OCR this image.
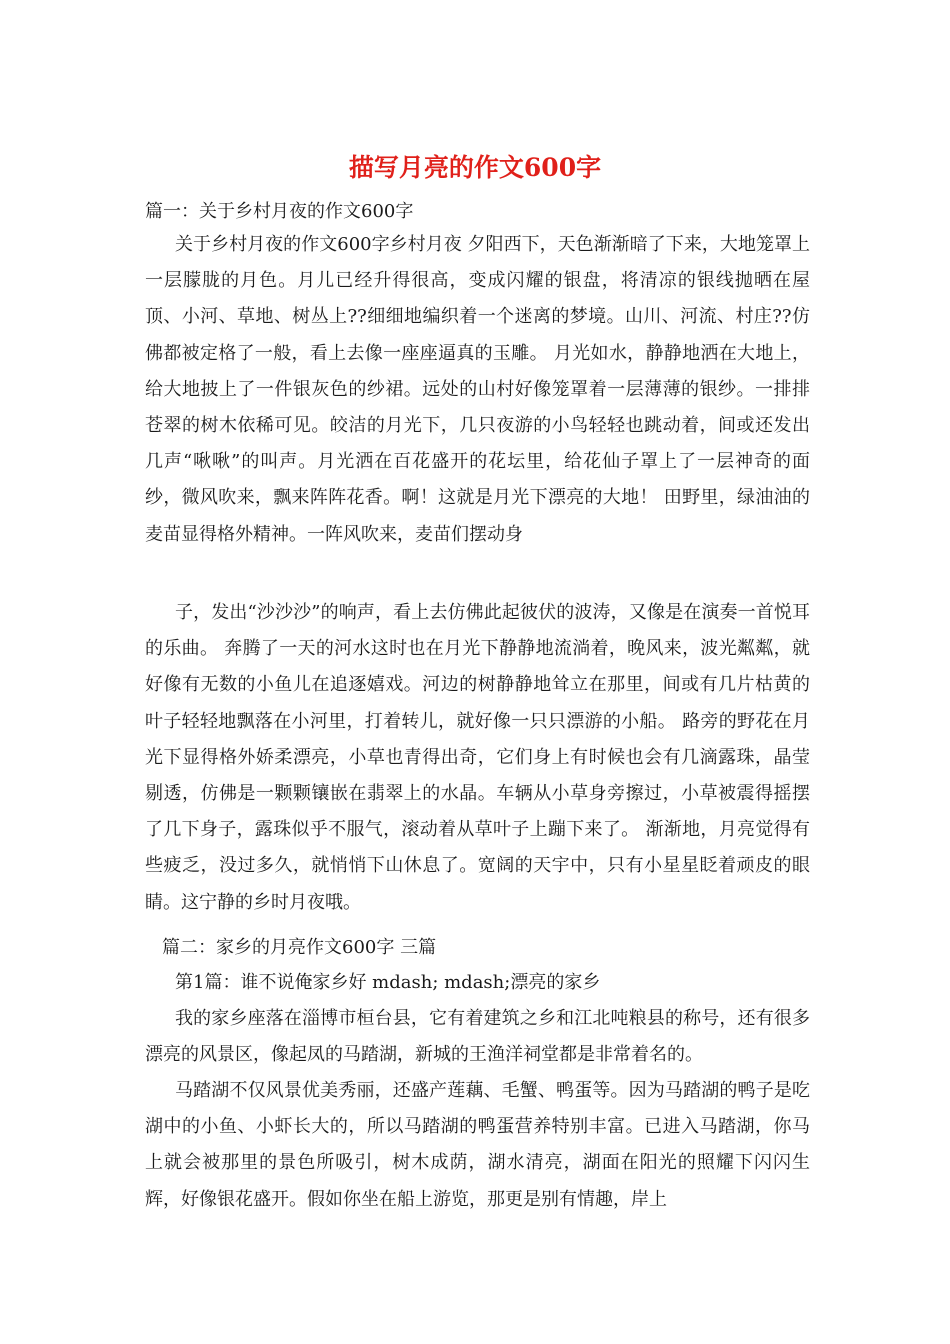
描写月亮的作文600字
篇一：关于乡村月夜的作文600字
关于乡村月夜的作文600字乡村月夜 夕阳西下，天色渐渐暗了下来，大地笼罩上一层朦胧的月色。月儿已经升得很高，变成闪耀的银盘，将清凉的银线抛晒在屋顶、小河、草地、树丛上??细细地编织着一个迷离的梦境。山川、河流、村庄??仿佛都被定格了一般，看上去像一座座逼真的玉雕。 月光如水，静静地洒在大地上，给大地披上了一件银灰色的纱裙。远处的山村好像笼罩着一层薄薄的银纱。一排排苍翠的树木依稀可见。皎洁的月光下，几只夜游的小鸟轻轻也跳动着，间或还发出几声“啾啾”的叫声。月光洒在百花盛开的花坛里，给花仙子罩上了一层神奇的面纱，微风吹来，飘来阵阵花香。啊！这就是月光下漂亮的大地！ 田野里，绿油油的麦苗显得格外精神。一阵风吹来，麦苗们摆动身
子，发出“沙沙沙”的响声，看上去仿佛此起彼伏的波涛，又像是在演奏一首悦耳的乐曲。 奔腾了一天的河水这时也在月光下静静地流淌着，晚风来，波光粼粼，就好像有无数的小鱼儿在追逐嬉戏。河边的树静静地耸立在那里，间或有几片枯黄的叶子轻轻地飘落在小河里，打着转儿，就好像一只只漂游的小船。 路旁的野花在月光下显得格外娇柔漂亮，小草也青得出奇，它们身上有时候也会有几滴露珠，晶莹剔透，仿佛是一颗颗镶嵌在翡翠上的水晶。车辆从小草身旁擦过，小草被震得摇摆了几下身子，露珠似乎不服气，滚动着从草叶子上蹦下来了。 渐渐地，月亮觉得有些疲乏，没过多久，就悄悄下山休息了。宽阔的天宇中，只有小星星眨着顽皮的眼睛。这宁静的乡时月夜哦。
篇二：家乡的月亮作文600字 三篇
第1篇：谁不说俺家乡好 mdash; mdash;漂亮的家乡
我的家乡座落在淄博市桓台县，它有着建筑之乡和江北吨粮县的称号，还有很多漂亮的风景区，像起凤的马踏湖，新城的王渔洋祠堂都是非常着名的。
马踏湖不仅风景优美秀丽，还盛产莲藕、毛蟹、鸭蛋等。因为马踏湖的鸭子是吃湖中的小鱼、小虾长大的，所以马踏湖的鸭蛋营养特别丰富。已进入马踏湖，你马上就会被那里的景色所吸引，树木成荫，湖水清亮，湖面在阳光的照耀下闪闪生辉，好像银花盛开。假如你坐在船上游览，那更是别有情趣，岸上
